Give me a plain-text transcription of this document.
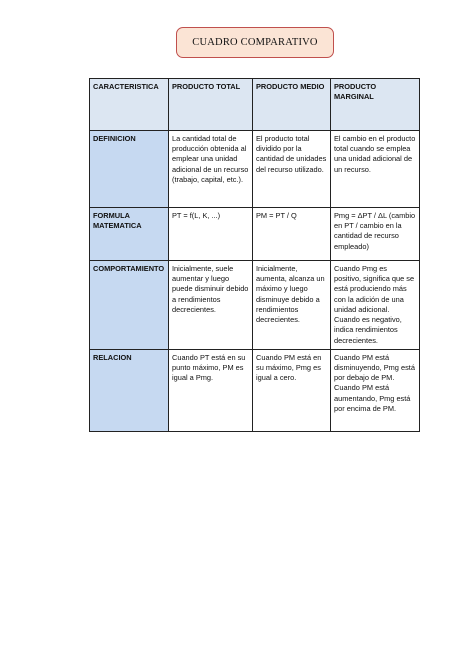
CUADRO COMPARATIVO
CARACTERISTICA	PRODUCTO TOTAL	PRODUCTO MEDIO	PRODUCTO MARGINAL
DEFINICION	La cantidad total de producción obtenida al emplear una unidad adicional de un recurso (trabajo, capital, etc.).	El producto total dividido por la cantidad de unidades del recurso utilizado.	El cambio en el producto total cuando se emplea una unidad adicional de un recurso.
FORMULA MATEMATICA	PT = f(L, K, ...)	PM = PT / Q	Pmg = ΔPT / ΔL (cambio en PT / cambio en la cantidad de recurso empleado)
COMPORTAMIENTO	Inicialmente, suele aumentar y luego puede disminuir debido a rendimientos decrecientes.	Inicialmente, aumenta, alcanza un máximo y luego disminuye debido a rendimientos decrecientes.	Cuando Pmg es positivo, significa que se está produciendo más con la adición de una unidad adicional. Cuando es negativo, indica rendimientos decrecientes.
RELACION	Cuando PT está en su punto máximo, PM es igual a Pmg.	Cuando PM está en su máximo, Pmg es igual a cero.	Cuando PM está disminuyendo, Pmg está por debajo de PM. Cuando PM está aumentando, Pmg está por encima de PM.
